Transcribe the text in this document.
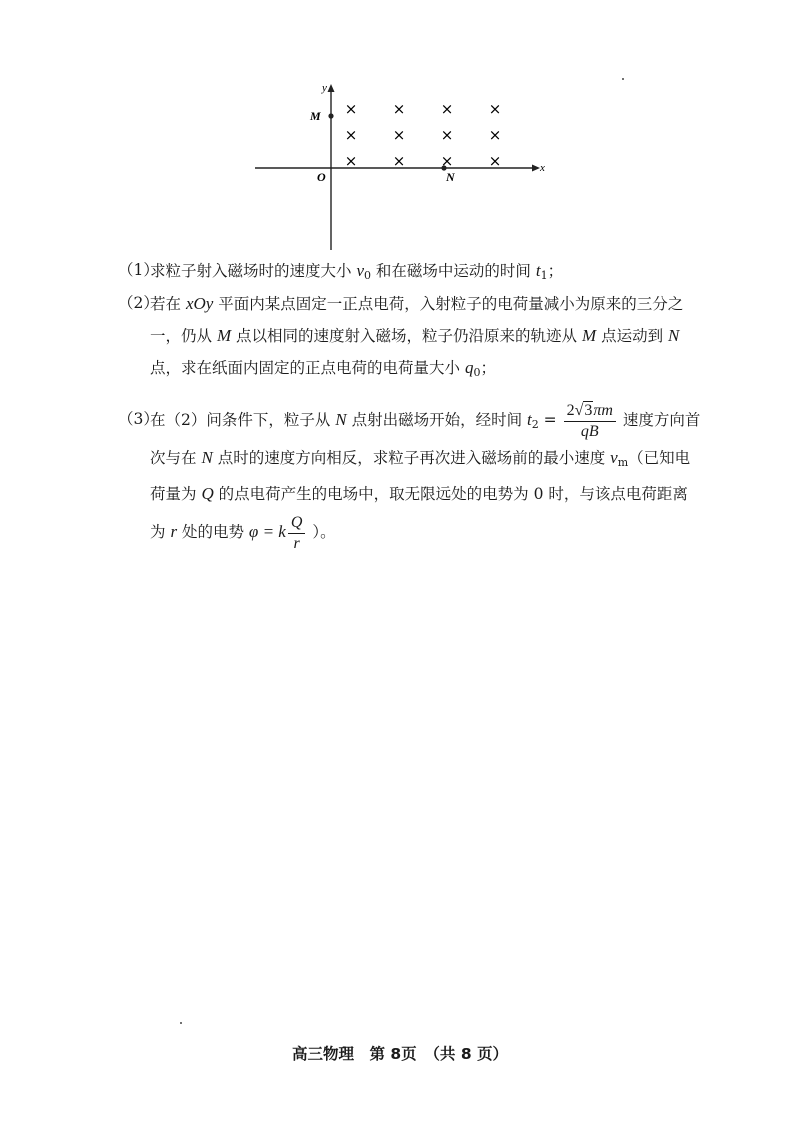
y
x
O
M
N
× × × ×
× × × ×
× × × ×
（1）
求粒子射入磁场时的速度大小 $v_0$ 和在磁场中运动的时间 $t_1$；
（2）
若在 xOy 平面内某点固定一正点电荷，入射粒子的电荷量减小为原来的三分之
一，仍从 M 点以相同的速度射入磁场，粒子仍沿原来的轨迹从 M 点运动到 N
点，求在纸面内固定的正点电荷的电荷量大小 $q_0$；
（3）
在（2）问条件下，粒子从 N 点射出磁场开始，经时间 $t_2 = \frac{2√3\pi m}{qB}$ 速度方向首
次与在 N 点时的速度方向相反，求粒子再次进入磁场前的最小速度 $v_m$（已知电
荷量为 Q 的点电荷产生的电场中，取无限远处的电势为 0 时，与该点电荷距离
为 r 处的电势 φ = k $\frac{Q}{r}$ ）。
高三物理　第 8页　（共 8 页）
